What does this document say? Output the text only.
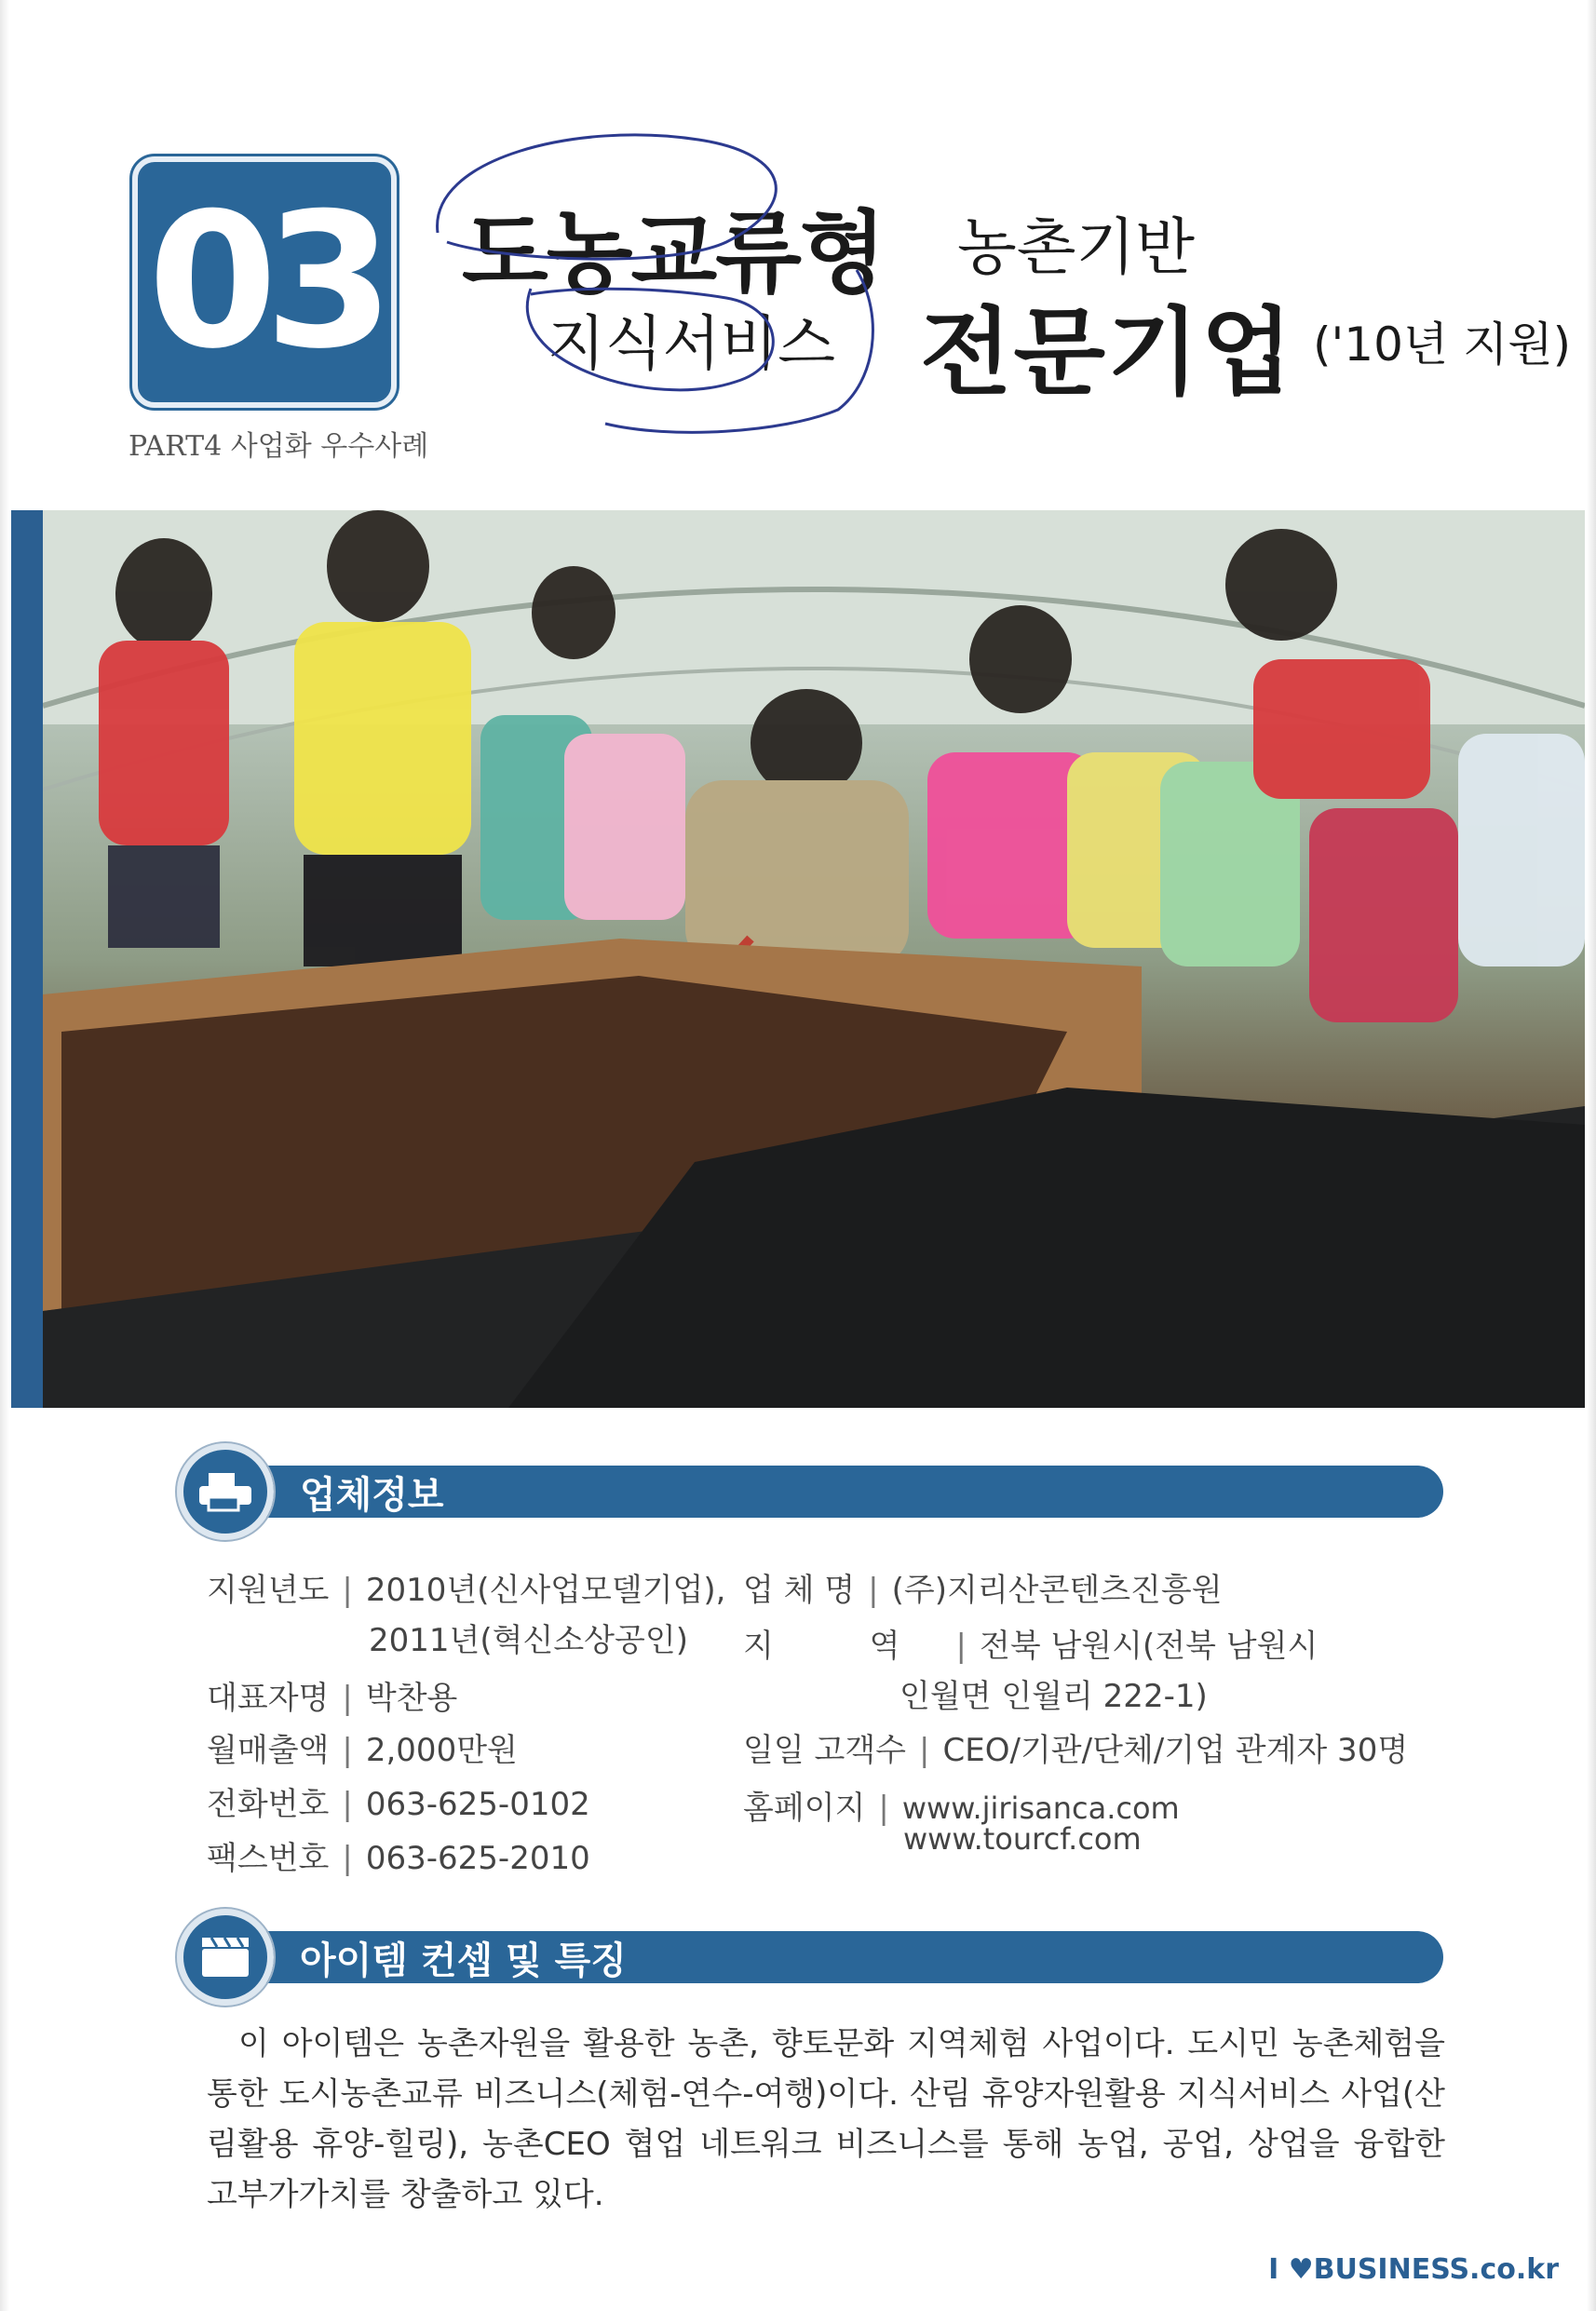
03
PART4 사업화 우수사례
도농교류형 농촌기반
지식서비스 전문기업 ('10년 지원)
업체정보
지원년도 | 2010년(신사업모델기업),
2011년(혁신소상공인)
대표자명 | 박찬용
월매출액 | 2,000만원
전화번호 | 063-625-0102
팩스번호 | 063-625-2010
업 체 명 | (주)지리산콘텐츠진흥원
지 역 | 전북 남원시(전북 남원시
인월면 인월리 222-1)
일일 고객수 | CEO/기관/단체/기업 관계자 30명
홈페이지 | www.jirisanca.com
www.tourcf.com
아이템 컨셉 및 특징

이 아이템은 농촌자원을 활용한 농촌, 향토문화 지역체험 사업이다. 도시민 농촌체험을 통한 도시농촌교류 비즈니스(체험-연수-여행)이다. 산림 휴양자원활용 지식서비스 사업(산림활용 휴양-힐링), 농촌CEO 협업 네트워크 비즈니스를 통해 농업, 공업, 상업을 융합한 고부가가치를 창출하고 있다.

I ♥BUSINESS.co.kr
